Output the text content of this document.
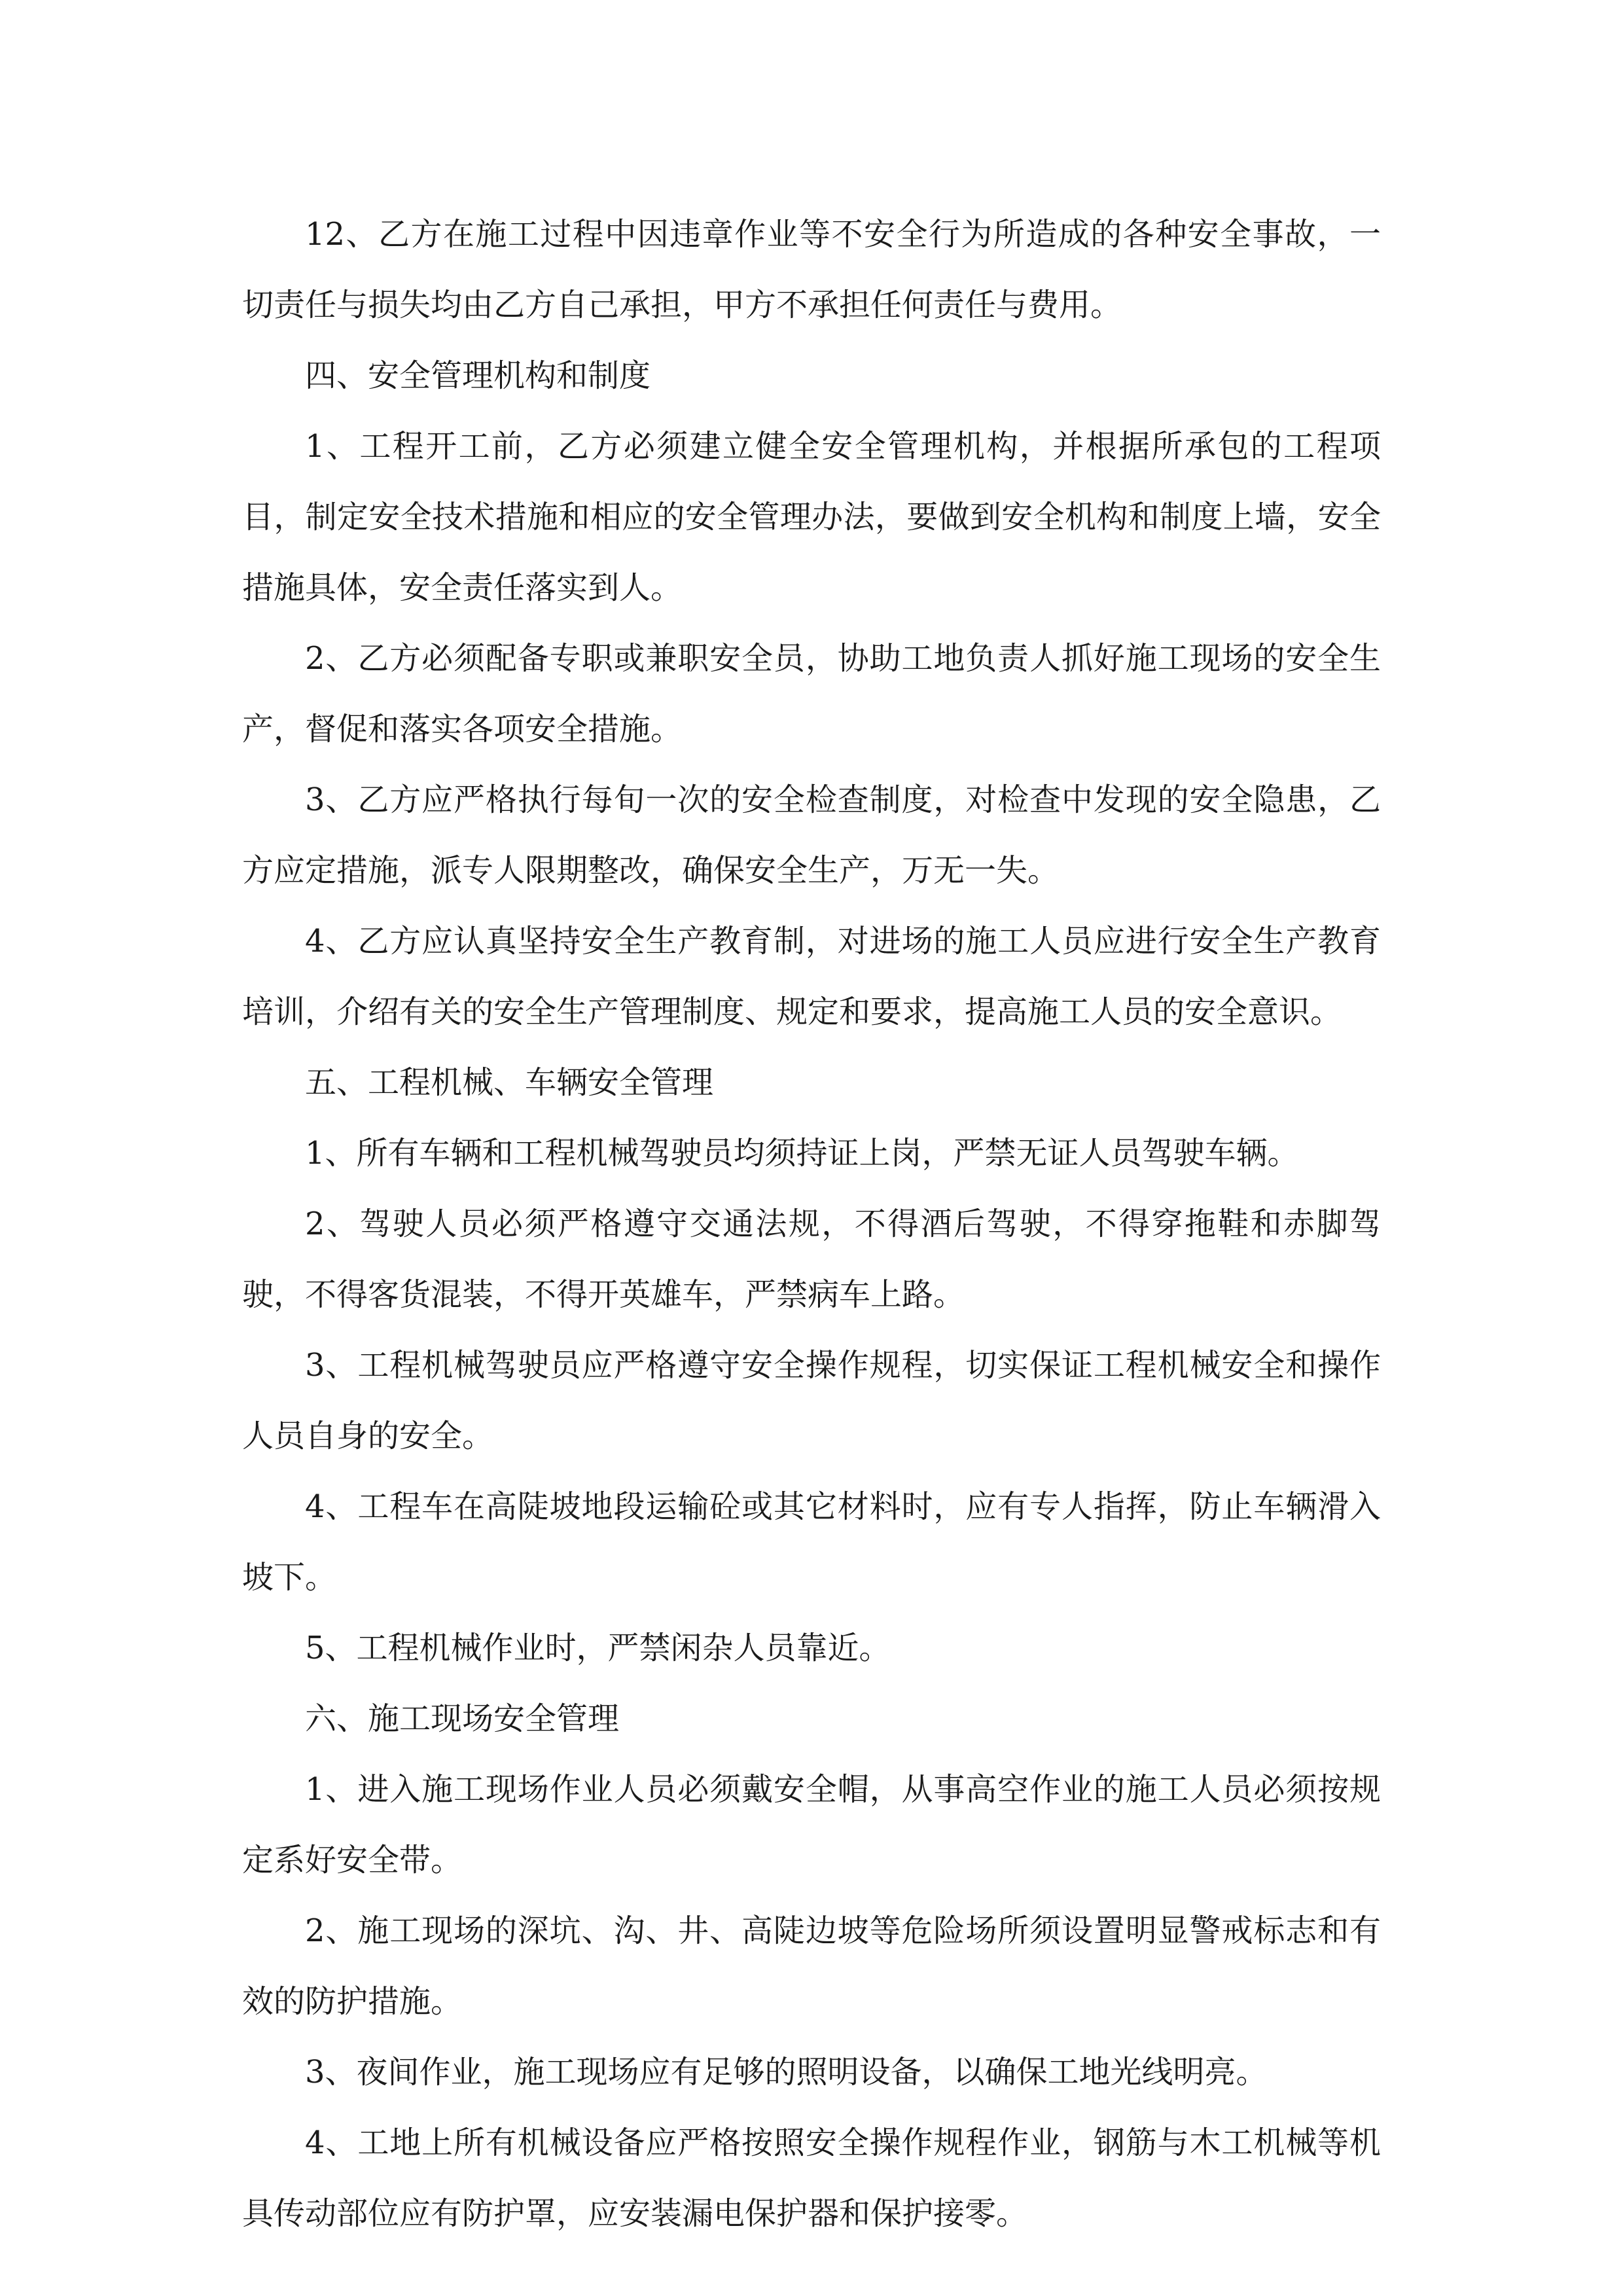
12、乙方在施工过程中因违章作业等不安全行为所造成的各种安全事故，一切责任与损失均由乙方自己承担，甲方不承担任何责任与费用。

四、安全管理机构和制度

1、工程开工前，乙方必须建立健全安全管理机构，并根据所承包的工程项目，制定安全技术措施和相应的安全管理办法，要做到安全机构和制度上墙，安全措施具体，安全责任落实到人。

2、乙方必须配备专职或兼职安全员，协助工地负责人抓好施工现场的安全生产，督促和落实各项安全措施。

3、乙方应严格执行每旬一次的安全检查制度，对检查中发现的安全隐患，乙方应定措施，派专人限期整改，确保安全生产，万无一失。

4、乙方应认真坚持安全生产教育制，对进场的施工人员应进行安全生产教育培训，介绍有关的安全生产管理制度、规定和要求，提高施工人员的安全意识。

五、工程机械、车辆安全管理

1、所有车辆和工程机械驾驶员均须持证上岗，严禁无证人员驾驶车辆。

2、驾驶人员必须严格遵守交通法规，不得酒后驾驶，不得穿拖鞋和赤脚驾驶，不得客货混装，不得开英雄车，严禁病车上路。

3、工程机械驾驶员应严格遵守安全操作规程，切实保证工程机械安全和操作人员自身的安全。

4、工程车在高陡坡地段运输砼或其它材料时，应有专人指挥，防止车辆滑入坡下。

5、工程机械作业时，严禁闲杂人员靠近。

六、施工现场安全管理

1、进入施工现场作业人员必须戴安全帽，从事高空作业的施工人员必须按规定系好安全带。

2、施工现场的深坑、沟、井、高陡边坡等危险场所须设置明显警戒标志和有效的防护措施。

3、夜间作业，施工现场应有足够的照明设备，以确保工地光线明亮。

4、工地上所有机械设备应严格按照安全操作规程作业，钢筋与木工机械等机具传动部位应有防护罩，应安装漏电保护器和保护接零。
